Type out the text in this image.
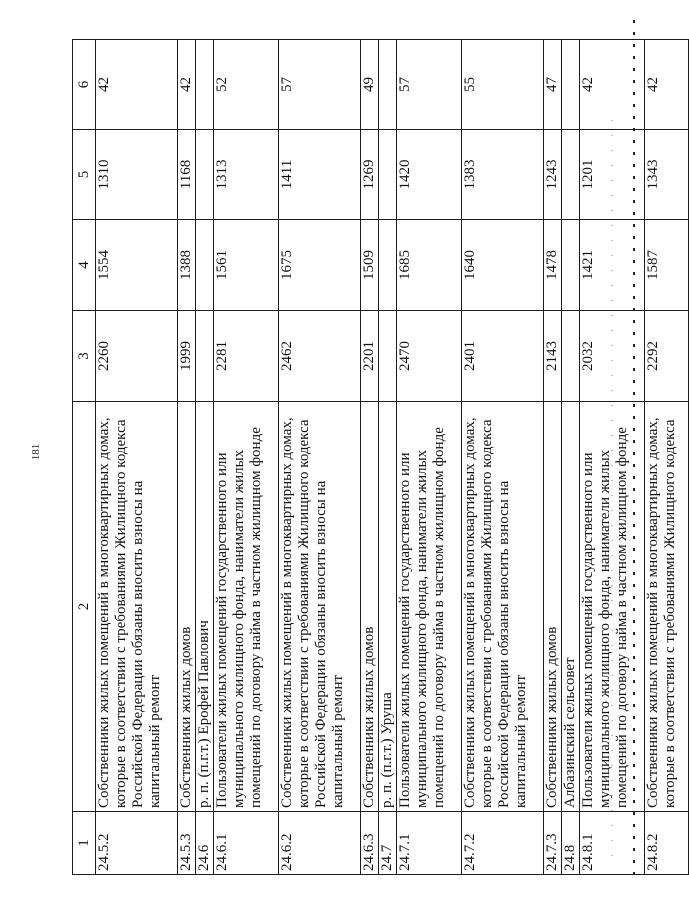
181
1	2	3	4	5	6
24.5.2	Собственники жилых помещений в многоквартирных домах, которые в соответствии с требованиями Жилищного кодекса Российской Федерации обязаны вносить взносы на капитальный ремонт	2260	1554	1310	42
24.5.3	Собственники жилых домов	1999	1388	1168	42
24.6	р. п. (п.г.т.) Ерофей Павлович				
24.6.1	Пользователи жилых помещений государственного или муниципального жилищного фонда, наниматели жилых помещений по договору найма в частном жилищном фонде	2281	1561	1313	52
24.6.2	Собственники жилых помещений в многоквартирных домах, которые в соответствии с требованиями Жилищного кодекса Российской Федерации обязаны вносить взносы на капитальный ремонт	2462	1675	1411	57
24.6.3	Собственники жилых домов	2201	1509	1269	49
24.7	р. п. (п.г.т.) Уруша				
24.7.1	Пользователи жилых помещений государственного или муниципального жилищного фонда, наниматели жилых помещений по договору найма в частном жилищном фонде	2470	1685	1420	57
24.7.2	Собственники жилых помещений в многоквартирных домах, которые в соответствии с требованиями Жилищного кодекса Российской Федерации обязаны вносить взносы на капитальный ремонт	2401	1640	1383	55
24.7.3	Собственники жилых домов	2143	1478	1243	47
24.8	Албазинский сельсовет				
24.8.1	Пользователи жилых помещений государственного или муниципального жилищного фонда, наниматели жилых помещений по договору найма в частном жилищном фонде	2032	1421	1201	42
24.8.2	Собственники жилых помещений в многоквартирных домах, которые в соответствии с требованиями Жилищного кодекса	2292	1587	1343	42
